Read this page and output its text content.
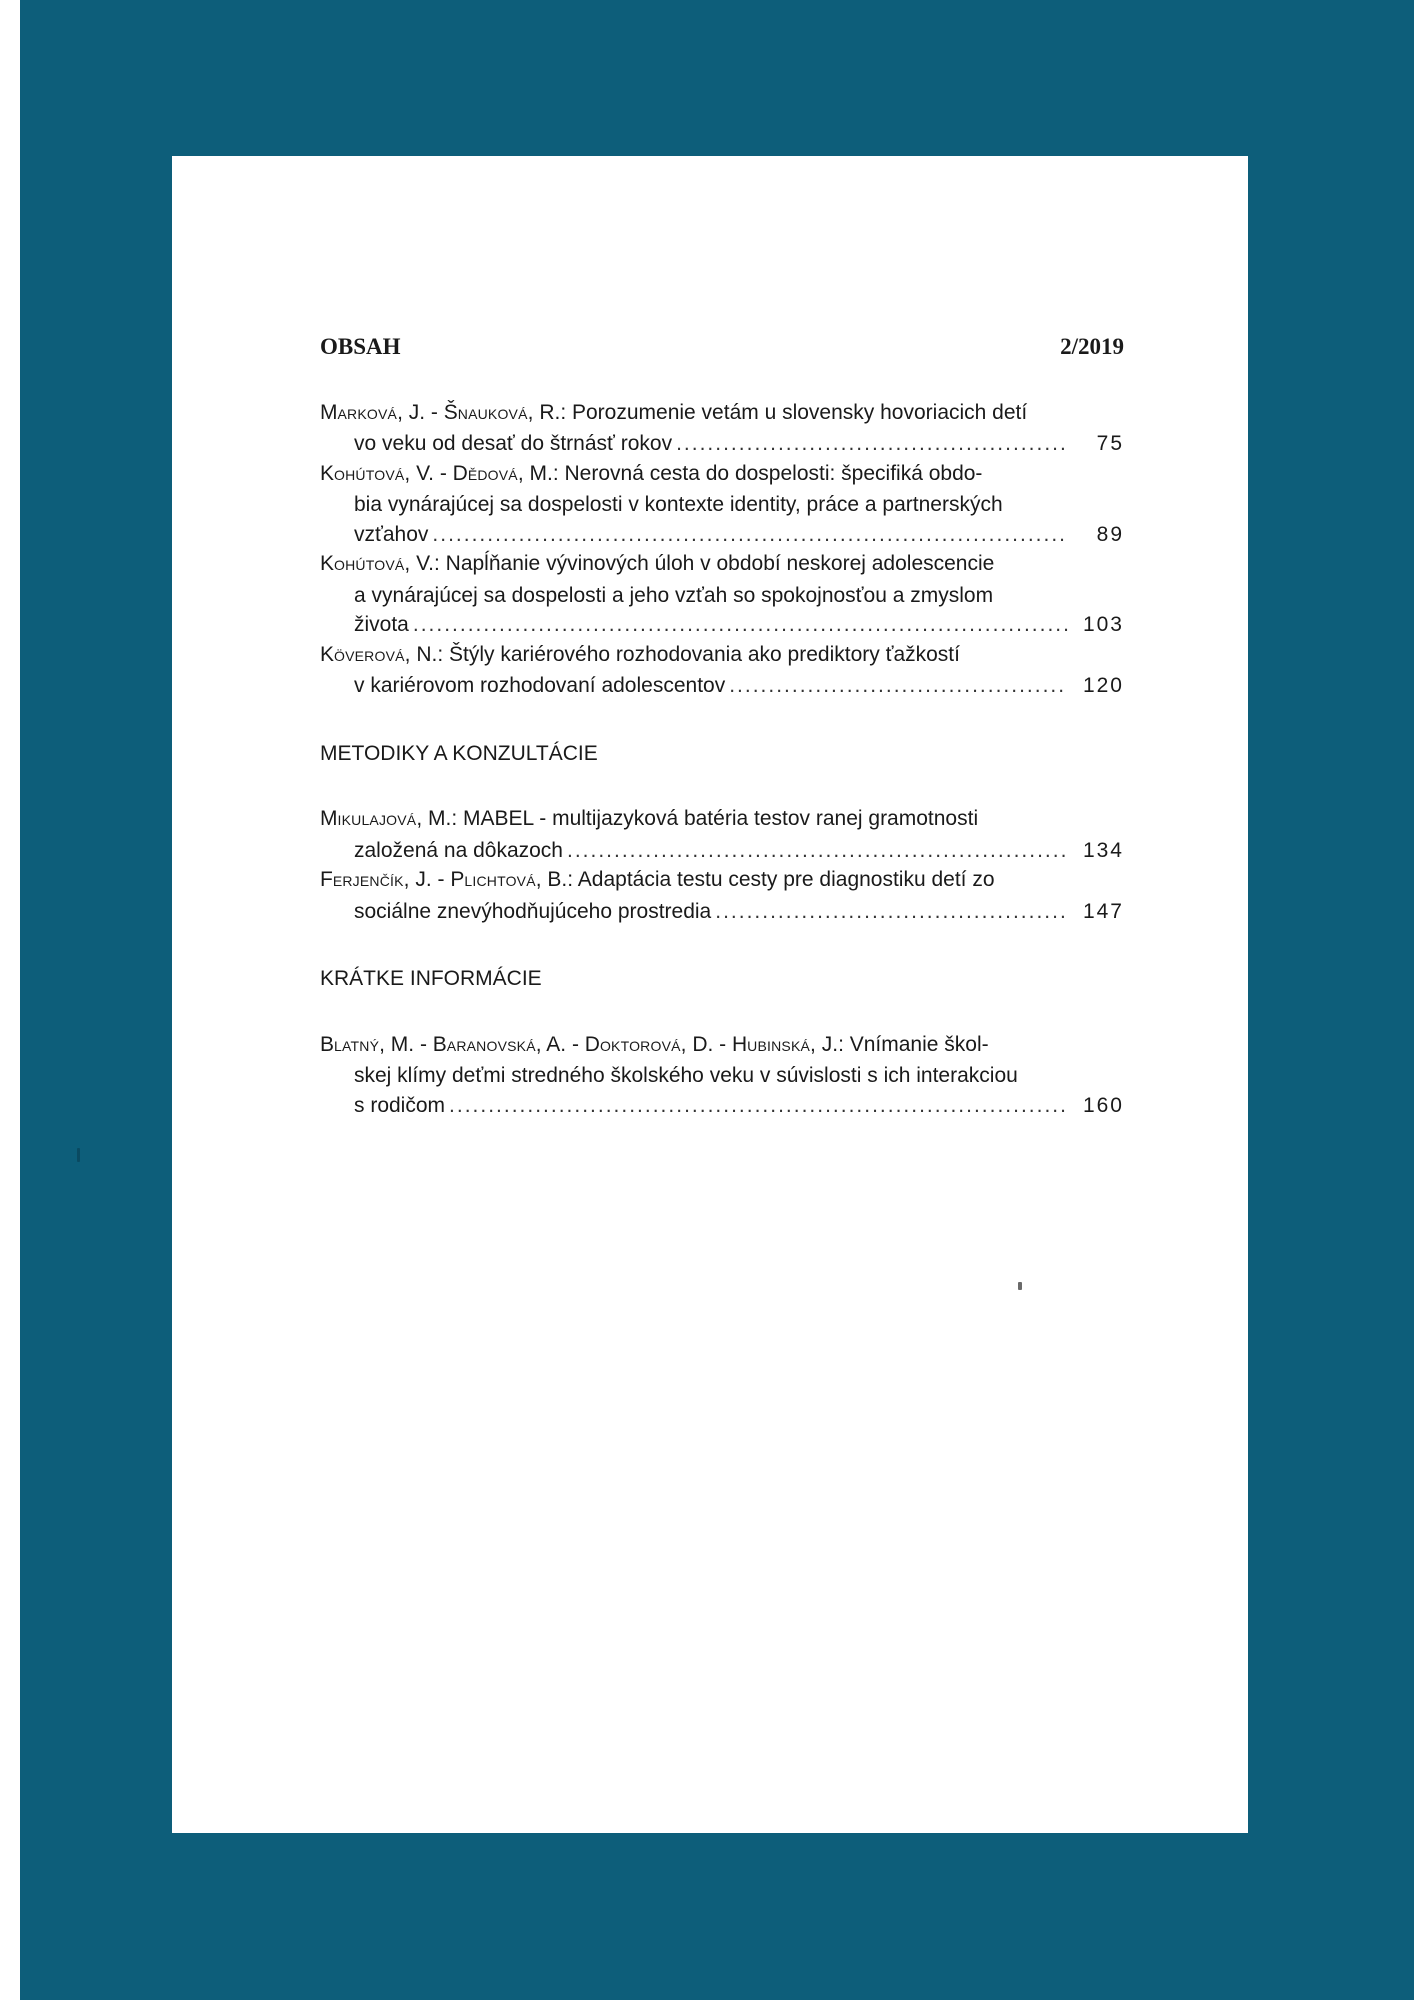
OBSAH	2/2019
MARKOVÁ, J. - ŠNAUKOVÁ, R.: Porozumenie vetám u slovensky hovoriacich detí
vo veku od desať do štrnásť rokov .....	75
KOHÚTOVÁ, V. - DĚDOVÁ, M.: Nerovná cesta do dospelosti: špecifiká obdo-
bia vynárajúcej sa dospelosti v kontexte identity, práce a partnerských
vzťahov .....	89
KOHÚTOVÁ, V.: Napĺňanie vývinových úloh v období neskorej adolescencie
a vynárajúcej sa dospelosti a jeho vzťah so spokojnosťou a zmyslom
života .....	103
KÖVEROVÁ, N.: Štýly kariérového rozhodovania ako prediktory ťažkostí
v kariérovom rozhodovaní adolescentov .....	120
METODIKY A KONZULTÁCIE
MIKULAJOVÁ, M.: MABEL - multijazyková batéria testov ranej gramotnosti
založená na dôkazoch .....	134
FERJENČÍK, J. - PLICHTOVÁ, B.: Adaptácia testu cesty pre diagnostiku detí zo
sociálne znevýhodňujúceho prostredia .....	147
KRÁTKE INFORMÁCIE
BLATNÝ, M. - BARANOVSKÁ, A. - DOKTOROVÁ, D. - HUBINSKÁ, J.: Vnímanie škol-
skej klímy deťmi stredného školského veku v súvislosti s ich interakciou
s rodičom .....	160
